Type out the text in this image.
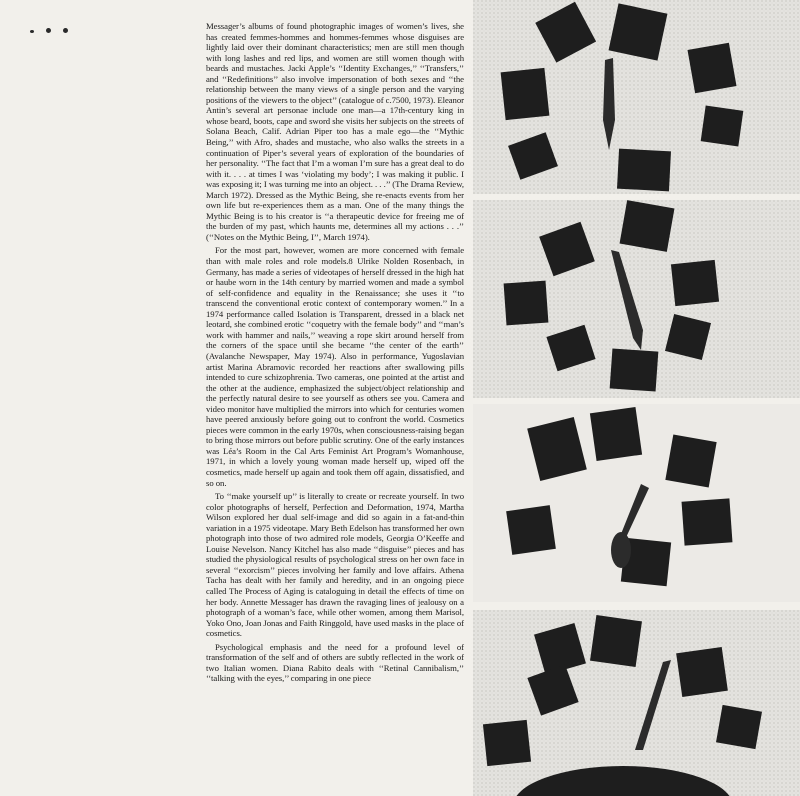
Messager’s albums of found photographic images of women’s lives, she has created femmes-hommes and hommes-femmes whose disguises are lightly laid over their dominant characteristics; men are still men though with long lashes and red lips, and women are still women though with beards and mustaches. Jacki Apple’s ‘‘Identity Exchanges,’’ ‘‘Transfers,’’ and ‘‘Redefinitions’’ also involve impersonation of both sexes and ‘‘the relationship between the many views of a single person and the varying positions of the viewers to the object’’ (catalogue of c.7500, 1973). Eleanor Antin’s several art personae include one man—a 17th-century king in whose beard, boots, cape and sword she visits her subjects on the streets of Solana Beach, Calif. Adrian Piper too has a male ego—the ‘‘Mythic Being,’’ with Afro, shades and mustache, who also walks the streets in a continuation of Piper’s several years of exploration of the boundaries of her personality. ‘‘The fact that I’m a woman I’m sure has a great deal to do with it. . . . at times I was ‘violating my body’; I was making it public. I was exposing it; I was turning me into an object. . . .’’ (The Drama Review, March 1972). Dressed as the Mythic Being, she re-enacts events from her own life but re-experiences them as a man. One of the many things the Mythic Being is to his creator is ‘‘a therapeutic device for freeing me of the burden of my past, which haunts me, determines all my actions . . .’’ (‘‘Notes on the Mythic Being, I’’, March 1974).

For the most part, however, women are more concerned with female than with male roles and role models.8 Ulrike Nolden Rosenbach, in Germany, has made a series of videotapes of herself dressed in the high hat or haube worn in the 14th century by married women and made a symbol of self-confidence and equality in the Renaissance; she uses it ‘‘to transcend the conventional erotic context of contemporary women.’’ In a 1974 performance called Isolation is Transparent, dressed in a black net leotard, she combined erotic ‘‘coquetry with the female body’’ and ‘‘man’s work with hammer and nails,’’ weaving a rope skirt around herself from the corners of the space until she became ‘‘the center of the earth’’ (Avalanche Newspaper, May 1974). Also in performance, Yugoslavian artist Marina Abramovic recorded her reactions after swallowing pills intended to cure schizophrenia. Two cameras, one pointed at the artist and the other at the audience, emphasized the subject/object relationship and the perfectly natural desire to see yourself as others see you. Camera and video monitor have multiplied the mirrors into which for centuries women have peered anxiously before going out to confront the world. Cosmetics pieces were common in the early 1970s, when consciousness-raising began to bring those mirrors out before public scrutiny. One of the early instances was Léa’s Room in the Cal Arts Feminist Art Program’s Womanhouse, 1971, in which a lovely young woman made herself up, wiped off the cosmetics, made herself up again and took them off again, dissatisfied, and so on.

To ‘‘make yourself up’’ is literally to create or recreate yourself. In two color photographs of herself, Perfection and Deformation, 1974, Martha Wilson explored her dual self-image and did so again in a fat-and-thin variation in a 1975 videotape. Mary Beth Edelson has transformed her own photograph into those of two admired role models, Georgia O’Keeffe and Louise Nevelson. Nancy Kitchel has also made ‘‘disguise’’ pieces and has studied the physiological results of psychological stress on her own face in several ‘‘exorcism’’ pieces involving her family and love affairs. Athena Tacha has dealt with her family and heredity, and in an ongoing piece called The Process of Aging is cataloguing in detail the effects of time on her body. Annette Messager has drawn the ravaging lines of jealousy on a photograph of a woman’s face, while other women, among them Marisol, Yoko Ono, Joan Jonas and Faith Ringgold, have used masks in the place of cosmetics.

Psychological emphasis and the need for a profound level of transformation of the self and of others are subtly reflected in the work of two Italian women. Diana Rabito deals with ‘‘Retinal Cannibalism,’’ ‘‘talking with the eyes,’’ comparing in one piece
